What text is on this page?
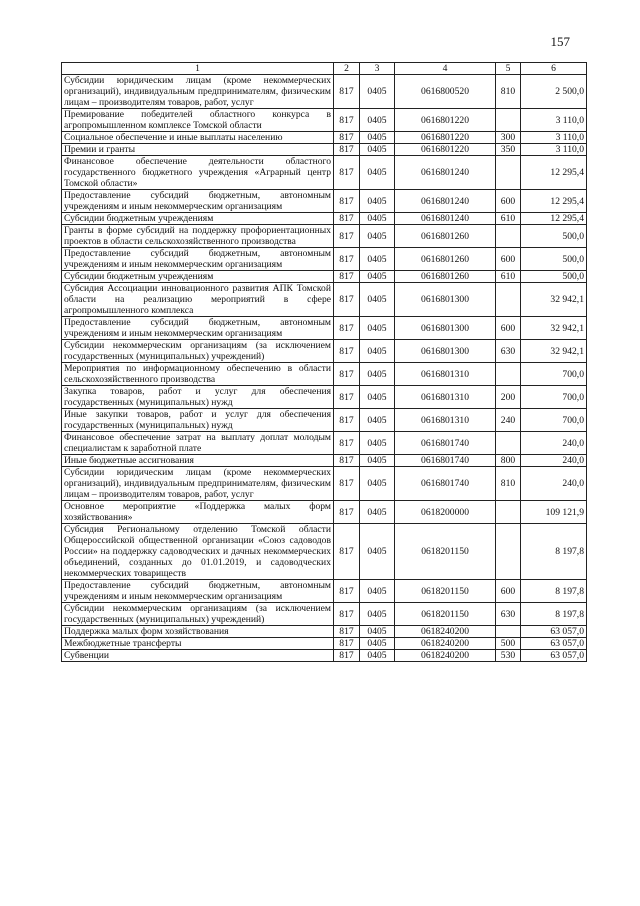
157
1	2	3	4	5	6
Субсидии юридическим лицам (кроме некоммерческих организаций), индивидуальным предпринимателям, физическим лицам – производителям товаров, работ, услуг	817	0405	0616800520	810	2 500,0
Премирование победителей областного конкурса в агропромышленном комплексе Томской области	817	0405	0616801220		3 110,0
Социальное обеспечение и иные выплаты населению	817	0405	0616801220	300	3 110,0
Премии и гранты	817	0405	0616801220	350	3 110,0
Финансовое обеспечение деятельности областного государственного бюджетного учреждения «Аграрный центр Томской области»	817	0405	0616801240		12 295,4
Предоставление субсидий бюджетным, автономным учреждениям и иным некоммерческим организациям	817	0405	0616801240	600	12 295,4
Субсидии бюджетным учреждениям	817	0405	0616801240	610	12 295,4
Гранты в форме субсидий на поддержку профориентационных проектов в области сельскохозяйственного производства	817	0405	0616801260		500,0
Предоставление субсидий бюджетным, автономным учреждениям и иным некоммерческим организациям	817	0405	0616801260	600	500,0
Субсидии бюджетным учреждениям	817	0405	0616801260	610	500,0
Субсидия Ассоциации инновационного развития АПК Томской области на реализацию мероприятий в сфере агропромышленного комплекса	817	0405	0616801300		32 942,1
Предоставление субсидий бюджетным, автономным учреждениям и иным некоммерческим организациям	817	0405	0616801300	600	32 942,1
Субсидии некоммерческим организациям (за исключением государственных (муниципальных) учреждений)	817	0405	0616801300	630	32 942,1
Мероприятия по информационному обеспечению в области сельскохозяйственного производства	817	0405	0616801310		700,0
Закупка товаров, работ и услуг для обеспечения государственных (муниципальных) нужд	817	0405	0616801310	200	700,0
Иные закупки товаров, работ и услуг для обеспечения государственных (муниципальных) нужд	817	0405	0616801310	240	700,0
Финансовое обеспечение затрат на выплату доплат молодым специалистам к заработной плате	817	0405	0616801740		240,0
Иные бюджетные ассигнования	817	0405	0616801740	800	240,0
Субсидии юридическим лицам (кроме некоммерческих организаций), индивидуальным предпринимателям, физическим лицам – производителям товаров, работ, услуг	817	0405	0616801740	810	240,0
Основное мероприятие «Поддержка малых форм хозяйствования»	817	0405	0618200000		109 121,9
Субсидия Региональному отделению Томской области Общероссийской общественной организации «Союз садоводов России» на поддержку садоводческих и дачных некоммерческих объединений, созданных до 01.01.2019, и садоводческих некоммерческих товариществ	817	0405	0618201150		8 197,8
Предоставление субсидий бюджетным, автономным учреждениям и иным некоммерческим организациям	817	0405	0618201150	600	8 197,8
Субсидии некоммерческим организациям (за исключением государственных (муниципальных) учреждений)	817	0405	0618201150	630	8 197,8
Поддержка малых форм хозяйствования	817	0405	0618240200		63 057,0
Межбюджетные трансферты	817	0405	0618240200	500	63 057,0
Субвенции	817	0405	0618240200	530	63 057,0
